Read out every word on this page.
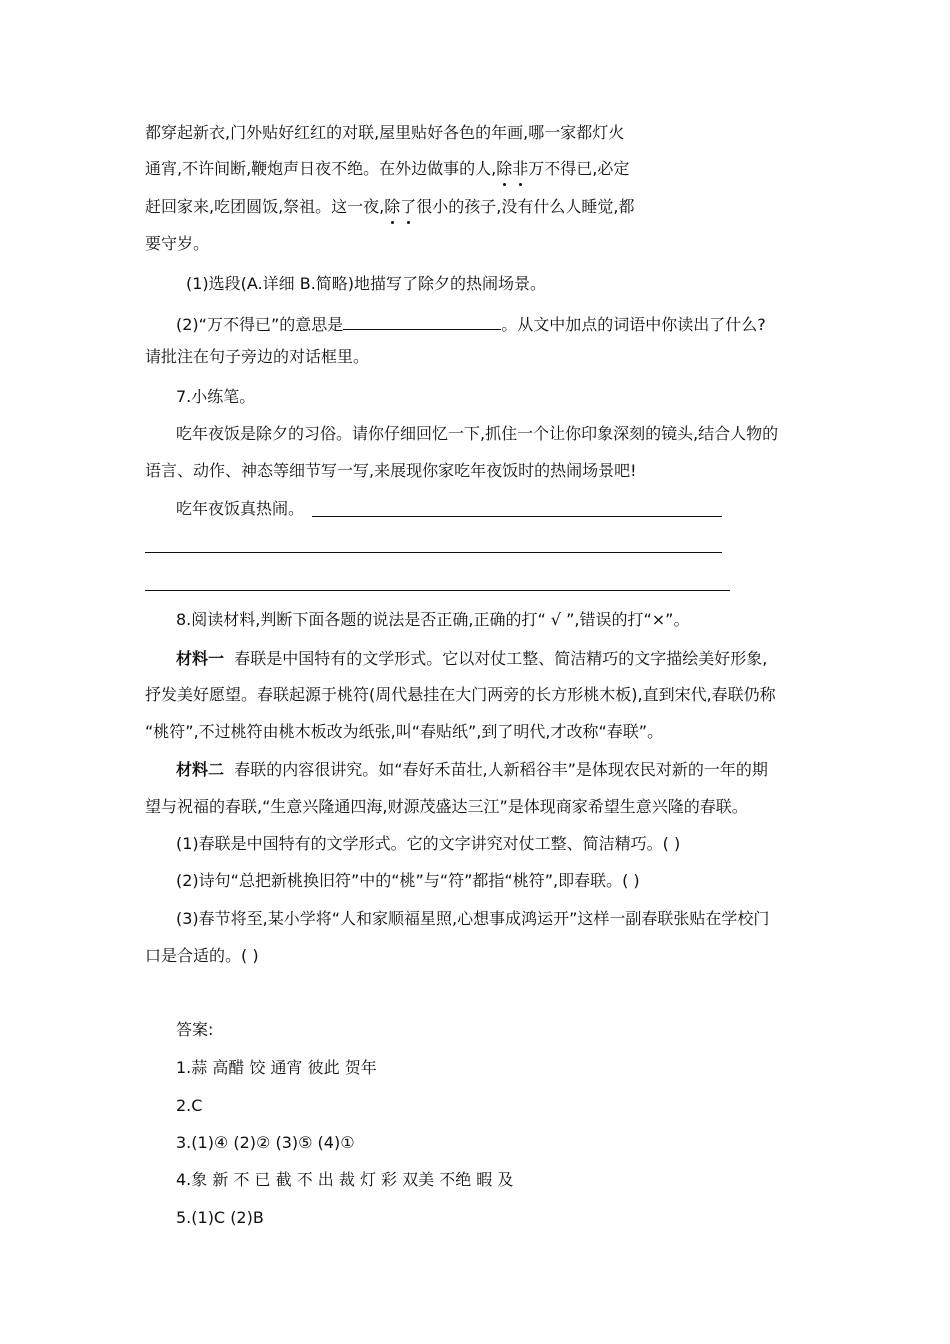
都穿起新衣,门外贴好红红的对联,屋里贴好各色的年画,哪一家都灯火
通宵,不许间断,鞭炮声日夜不绝。在外边做事的人,除非万不得已,必定
赶回家来,吃团圆饭,祭祖。这一夜,除了很小的孩子,没有什么人睡觉,都
要守岁。
(1)选段(A.详细 B.简略)地描写了除夕的热闹场景。
(2)“万不得已”的意思是	。从文中加点的词语中你读出了什么?
请批注在句子旁边的对话框里。
7.小练笔。
吃年夜饭是除夕的习俗。请你仔细回忆一下,抓住一个让你印象深刻的镜头,结合人物的
语言、动作、神态等细节写一写,来展现你家吃年夜饭时的热闹场景吧!
吃年夜饭真热闹。
8.阅读材料,判断下面各题的说法是否正确,正确的打“ √ ”,错误的打“×”。
材料一 春联是中国特有的文学形式。它以对仗工整、简洁精巧的文字描绘美好形象,
抒发美好愿望。春联起源于桃符(周代悬挂在大门两旁的长方形桃木板),直到宋代,春联仍称
“桃符”,不过桃符由桃木板改为纸张,叫“春贴纸”,到了明代,才改称“春联”。
材料二 春联的内容很讲究。如“春好禾苗壮,人新稻谷丰”是体现农民对新的一年的期
望与祝福的春联,“生意兴隆通四海,财源茂盛达三江”是体现商家希望生意兴隆的春联。
(1)春联是中国特有的文学形式。它的文字讲究对仗工整、简洁精巧。( )
(2)诗句“总把新桃换旧符”中的“桃”与“符”都指“桃符”,即春联。( )
(3)春节将至,某小学将“人和家顺福星照,心想事成鸿运开”这样一副春联张贴在学校门
口是合适的。( )
答案:
1.蒜 高醋 饺 通宵 彼此 贺年
2.C
3.(1)④ (2)② (3)⑤ (4)①
4.象 新 不 已 截 不 出 裁 灯 彩 双美 不绝 暇 及
5.(1)C (2)B
